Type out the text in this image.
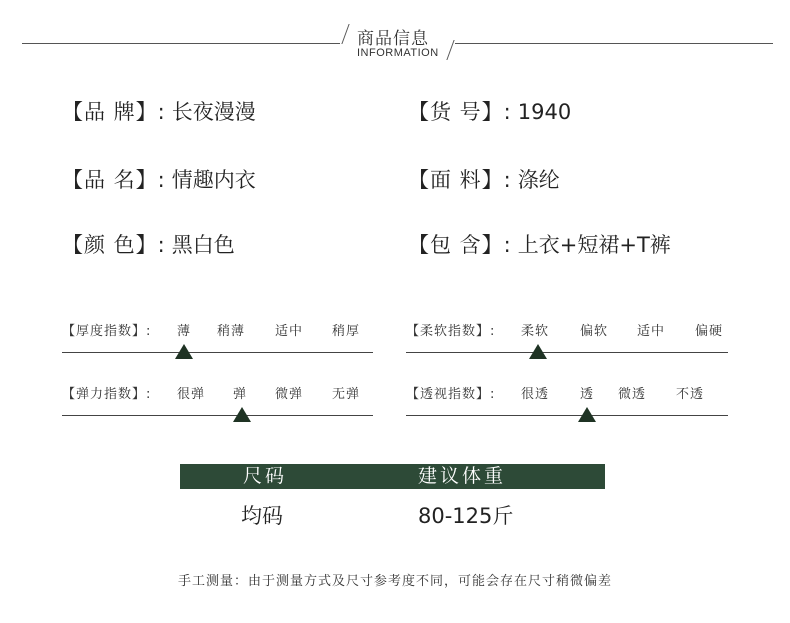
商品信息
INFORMATION
【品 牌】: 长夜漫漫	【货 号】: 1940
【品 名】: 情趣内衣	【面 料】: 涤纶
【颜 色】: 黑白色	【包 含】: 上衣+短裙+T裤
【厚度指数】: 薄 稍薄 适中 稍厚	【柔软指数】: 柔软 偏软 适中 偏硬
【弹力指数】: 很弹 弹 微弹 无弹	【透视指数】: 很透 透 微透 不透
尺码	建议体重
均码	80-125斤
手工测量：由于测量方式及尺寸参考度不同，可能会存在尺寸稍微偏差
